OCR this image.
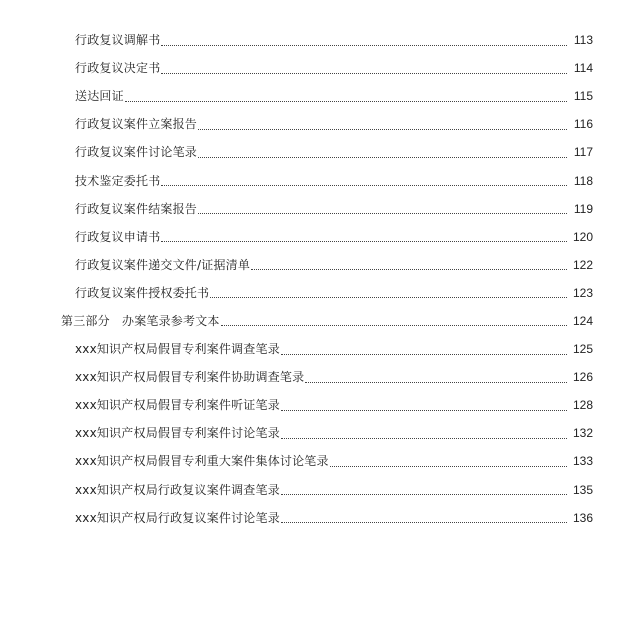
行政复议调解书	113
行政复议决定书	114
送达回证	115
行政复议案件立案报告	116
行政复议案件讨论笔录	117
技术鉴定委托书	118
行政复议案件结案报告	119
行政复议申请书	120
行政复议案件递交文件/证据清单	122
行政复议案件授权委托书	123
第三部分　办案笔录参考文本	124
xxx知识产权局假冒专利案件调查笔录	125
xxx知识产权局假冒专利案件协助调查笔录	126
xxx知识产权局假冒专利案件听证笔录	128
xxx知识产权局假冒专利案件讨论笔录	132
xxx知识产权局假冒专利重大案件集体讨论笔录	133
xxx知识产权局行政复议案件调查笔录	135
xxx知识产权局行政复议案件讨论笔录	136
